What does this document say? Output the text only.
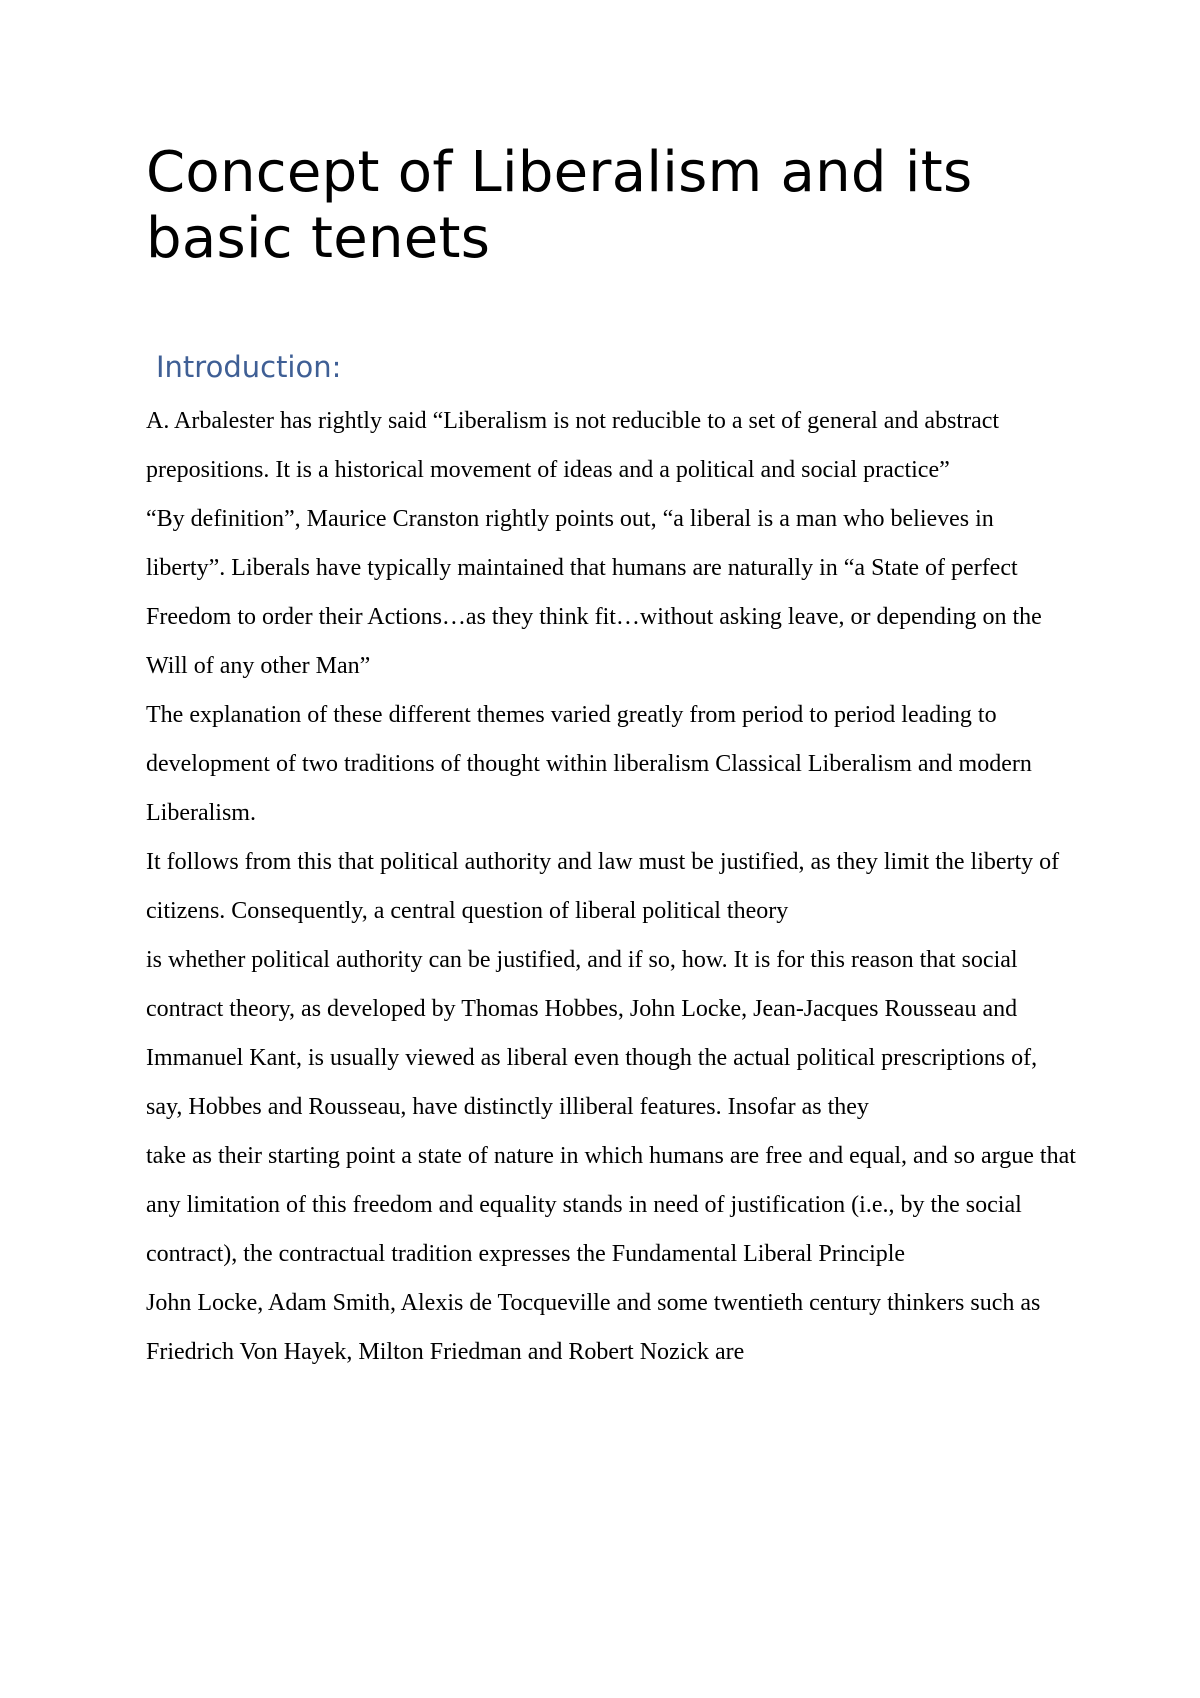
Concept of Liberalism and its basic tenets
Introduction:

A. Arbalester has rightly said “Liberalism is not reducible to a set of general and abstract prepositions. It is a historical movement of ideas and a political and social practice”

“By definition”, Maurice Cranston rightly points out, “a liberal is a man who believes in liberty”. Liberals have typically maintained that humans are naturally in “a State of perfect Freedom to order their Actions…as they think fit…without asking leave, or depending on the Will of any other Man”

The explanation of these different themes varied greatly from period to period leading to development of two traditions of thought within liberalism Classical Liberalism and modern Liberalism.

It follows from this that political authority and law must be justified, as they limit the liberty of citizens. Consequently, a central question of liberal political theory

is whether political authority can be justified, and if so, how. It is for this reason that social contract theory, as developed by Thomas Hobbes, John Locke, Jean-Jacques Rousseau and Immanuel Kant, is usually viewed as liberal even though the actual political prescriptions of, say, Hobbes and Rousseau, have distinctly illiberal features. Insofar as they

take as their starting point a state of nature in which humans are free and equal, and so argue that any limitation of this freedom and equality stands in need of justification (i.e., by the social contract), the contractual tradition expresses the Fundamental Liberal Principle

John Locke, Adam Smith, Alexis de Tocqueville and some twentieth century thinkers such as Friedrich Von Hayek, Milton Friedman and Robert Nozick are
